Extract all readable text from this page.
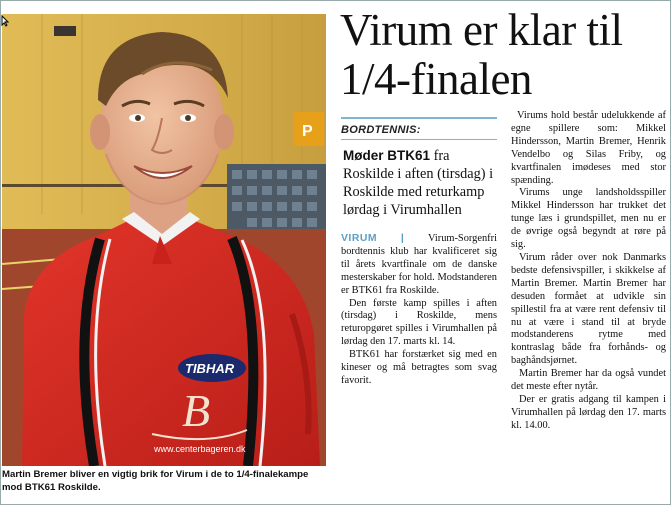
P
TIBHAR
B
www.centerbageren.dk
Martin Bremer bliver en vigtig brik for Virum i de to 1/4-finalekampe mod BTK61 Roskilde.
Virum er klar til 1/4-finalen
BORDTENNIS:

Møder BTK61 fra Roskilde i aften (tirsdag) i Roskilde med returkamp lørdag i Virumhallen

VIRUM | Virum-Sorgenfri bordtennis klub har kvalificeret sig til årets kvartfinale om de danske mesterskaber for hold. Modstanderen er BTK61 fra Roskilde.

Den første kamp spilles i aften (tirsdag) i Roskilde, mens returopgøret spilles i Virumhallen på lørdag den 17. marts kl. 14.

BTK61 har forstærket sig med en kineser og må betragtes som svag favorit.

Virums hold består udelukkende af egne spillere som: Mikkel Hindersson, Martin Bremer, Henrik Vendelbo og Silas Friby, og kvartfinalen imødeses med stor spænding.

Virums unge landsholdsspiller Mikkel Hindersson har trukket det tunge læs i grundspillet, men nu er de øvrige også begyndt at røre på sig.

Virum råder over nok Danmarks bedste defensivspiller, i skikkelse af Martin Bremer. Martin Bremer har desuden formået at udvikle sin spillestil fra at være rent defensiv til nu at være i stand til at bryde modstanderens rytme med kontraslag både fra forhånds- og baghåndsjørnet.

Martin Bremer har da også vundet det meste efter nytår.

Der er gratis adgang til kampen i Virumhallen på lørdag den 17. marts kl. 14.00.
